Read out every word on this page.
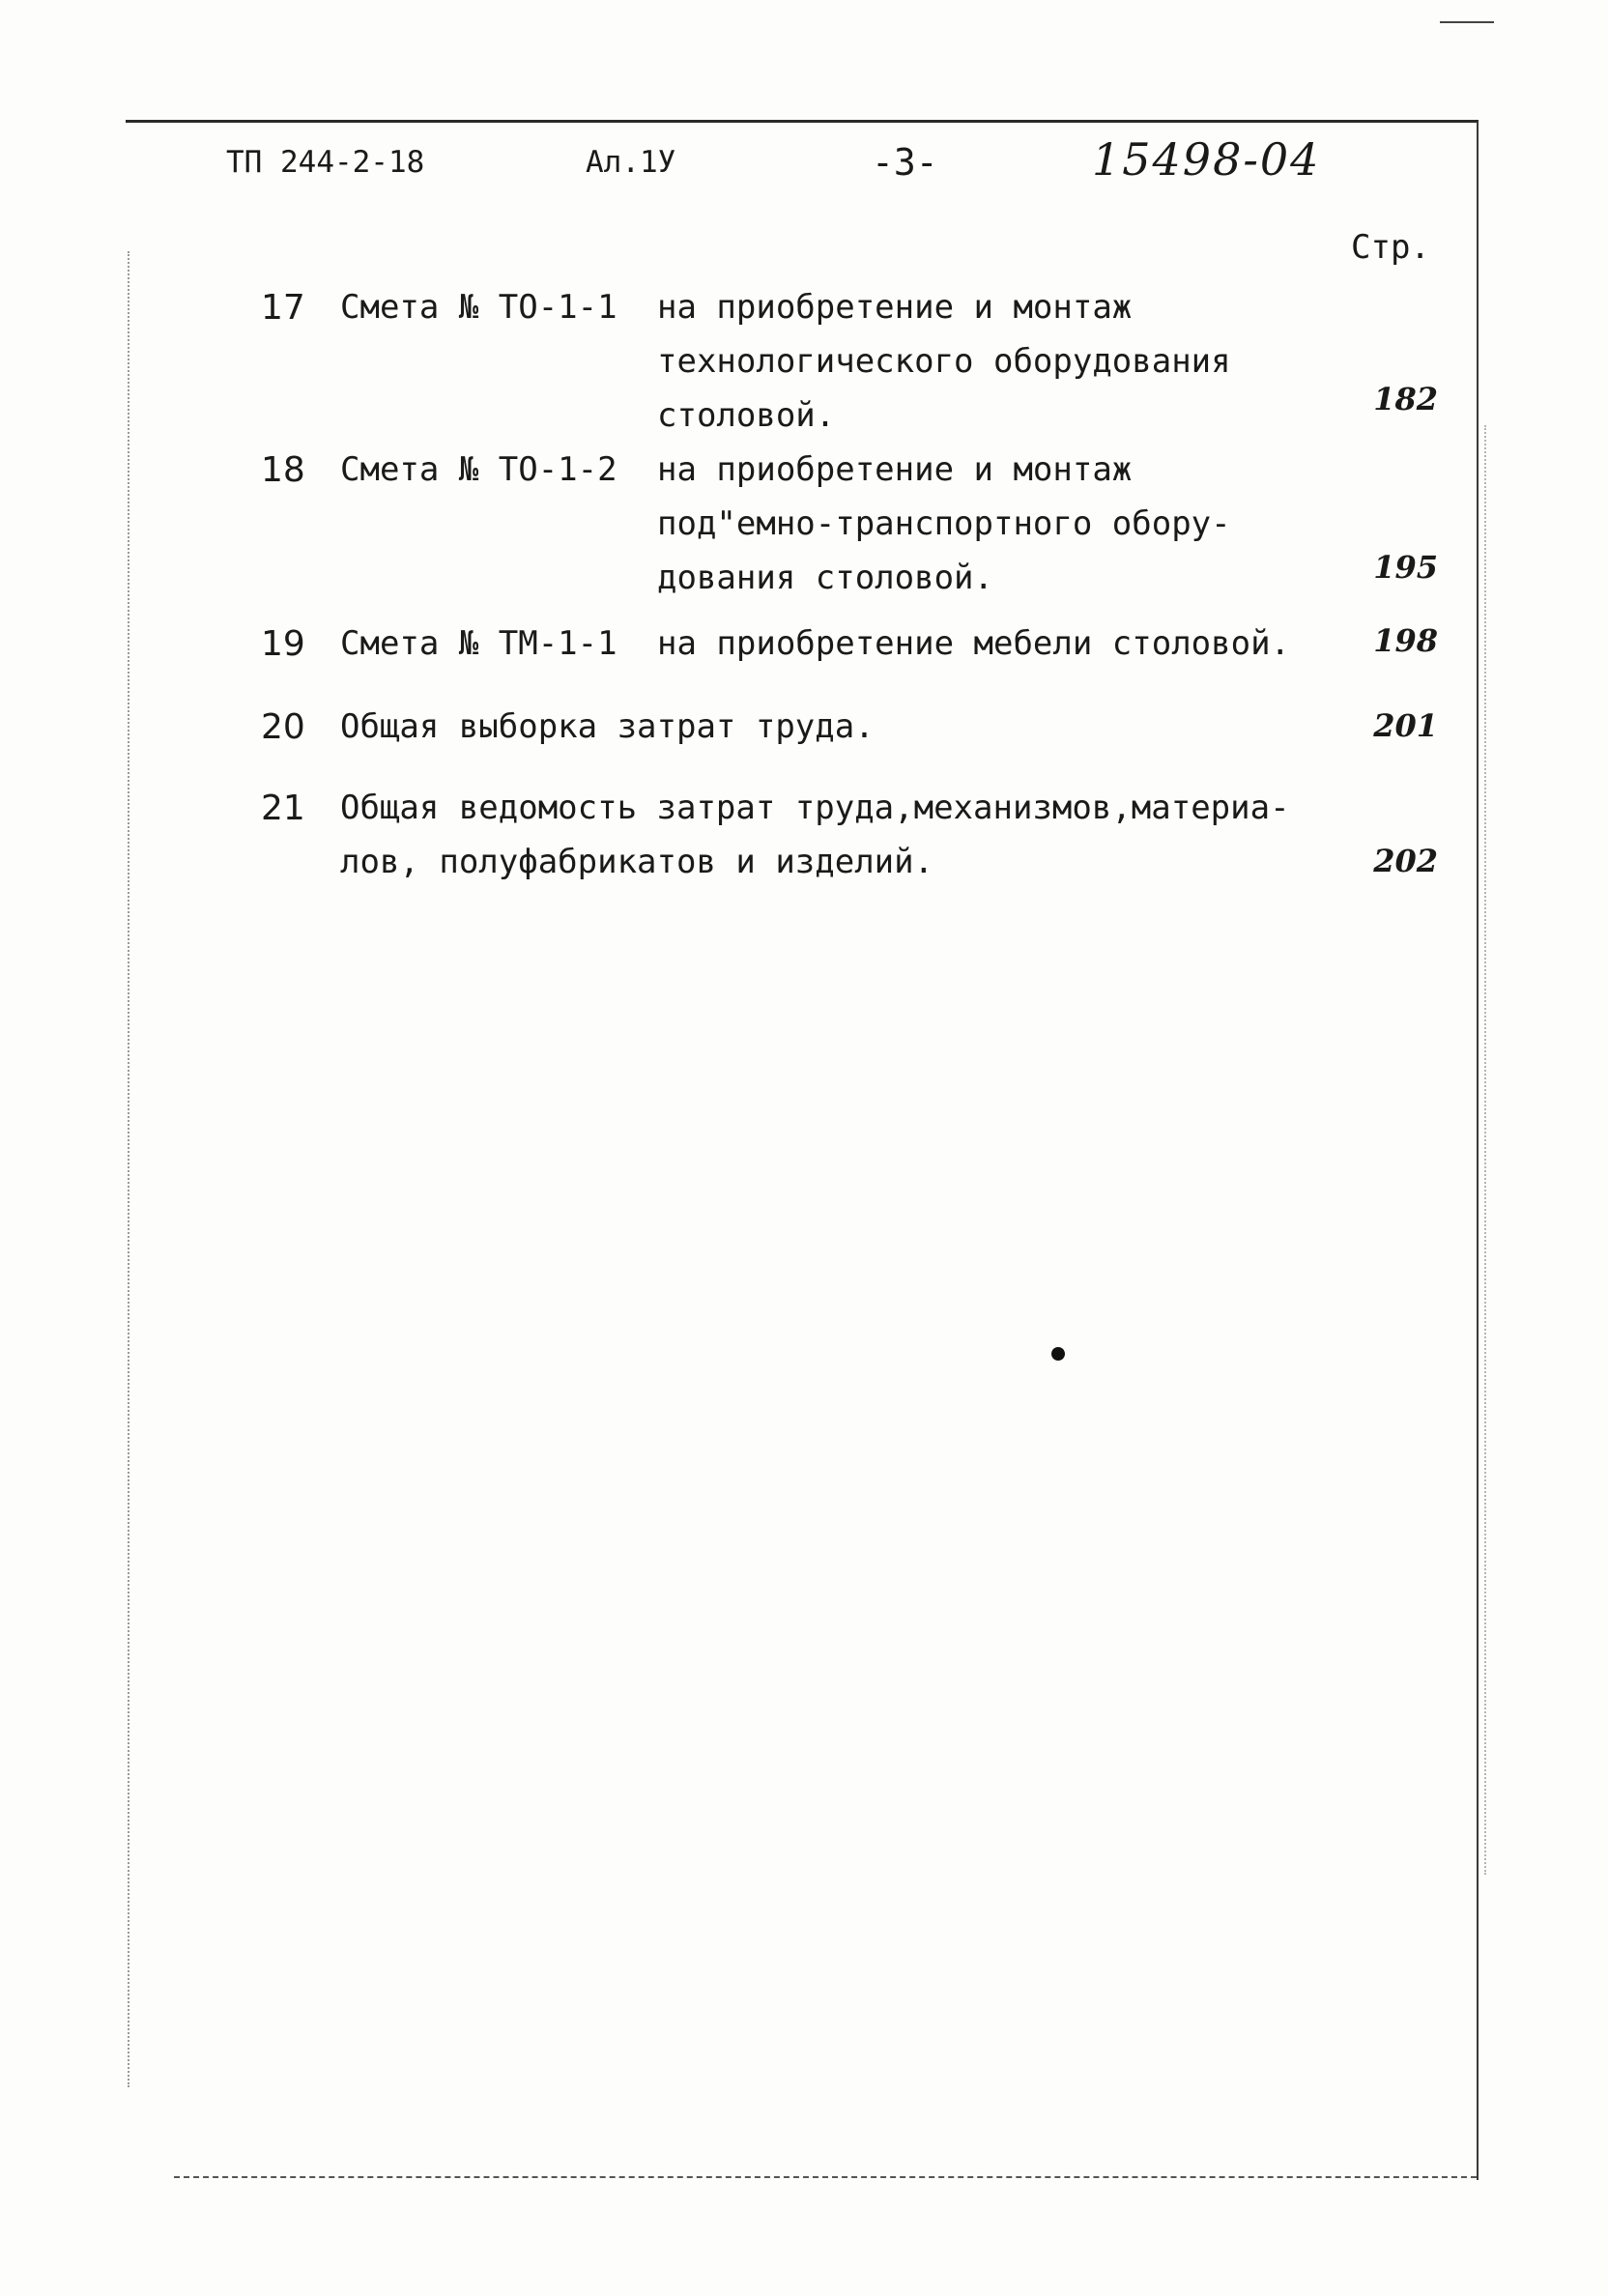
ТП 244-2-18	Ал.1У	-3-	15498-04
Стр.
17	Смета № ТО-1-1 на приобретение и монтаж
технологического оборудования
столовой.	182
18	Смета № ТО-1-2 на приобретение и монтаж
под"емно-транспортного обору-
дования столовой.	195
19	Смета № ТМ-1-1 на приобретение мебели столовой.	198
20	Общая выборка затрат труда.	201
21	Общая ведомость затрат труда,механизмов,материа-
лов, полуфабрикатов и изделий.	202
